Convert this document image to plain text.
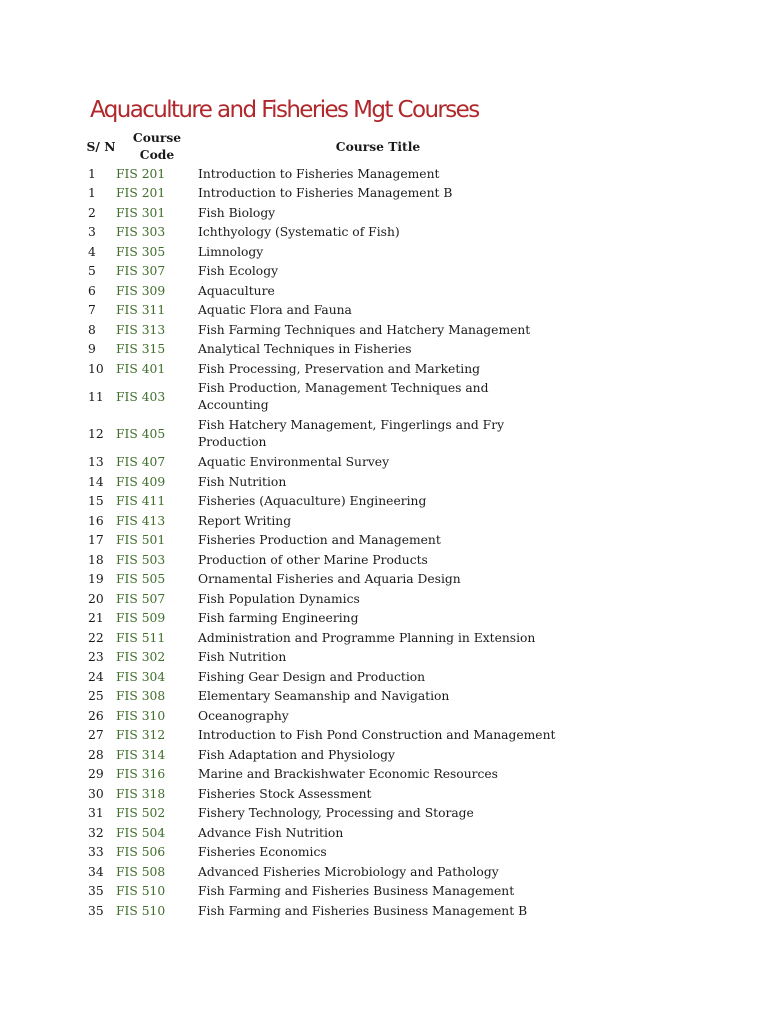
Aquaculture and Fisheries Mgt Courses
S/ N	Course Code	Course Title
1	FIS 201	Introduction to Fisheries Management
1	FIS 201	Introduction to Fisheries Management B
2	FIS 301	Fish Biology
3	FIS 303	Ichthyology (Systematic of Fish)
4	FIS 305	Limnology
5	FIS 307	Fish Ecology
6	FIS 309	Aquaculture
7	FIS 311	Aquatic Flora and Fauna
8	FIS 313	Fish Farming Techniques and Hatchery Management
9	FIS 315	Analytical Techniques in Fisheries
10	FIS 401	Fish Processing, Preservation and Marketing
11	FIS 403	Fish Production, Management Techniques and Accounting
12	FIS 405	Fish Hatchery Management, Fingerlings and Fry Production
13	FIS 407	Aquatic Environmental Survey
14	FIS 409	Fish Nutrition
15	FIS 411	Fisheries (Aquaculture) Engineering
16	FIS 413	Report Writing
17	FIS 501	Fisheries Production and Management
18	FIS 503	Production of other Marine Products
19	FIS 505	Ornamental Fisheries and Aquaria Design
20	FIS 507	Fish Population Dynamics
21	FIS 509	Fish farming Engineering
22	FIS 511	Administration and Programme Planning in Extension
23	FIS 302	Fish Nutrition
24	FIS 304	Fishing Gear Design and Production
25	FIS 308	Elementary Seamanship and Navigation
26	FIS 310	Oceanography
27	FIS 312	Introduction to Fish Pond Construction and Management
28	FIS 314	Fish Adaptation and Physiology
29	FIS 316	Marine and Brackishwater Economic Resources
30	FIS 318	Fisheries Stock Assessment
31	FIS 502	Fishery Technology, Processing and Storage
32	FIS 504	Advance Fish Nutrition
33	FIS 506	Fisheries Economics
34	FIS 508	Advanced Fisheries Microbiology and Pathology
35	FIS 510	Fish Farming and Fisheries Business Management
35	FIS 510	Fish Farming and Fisheries Business Management B
